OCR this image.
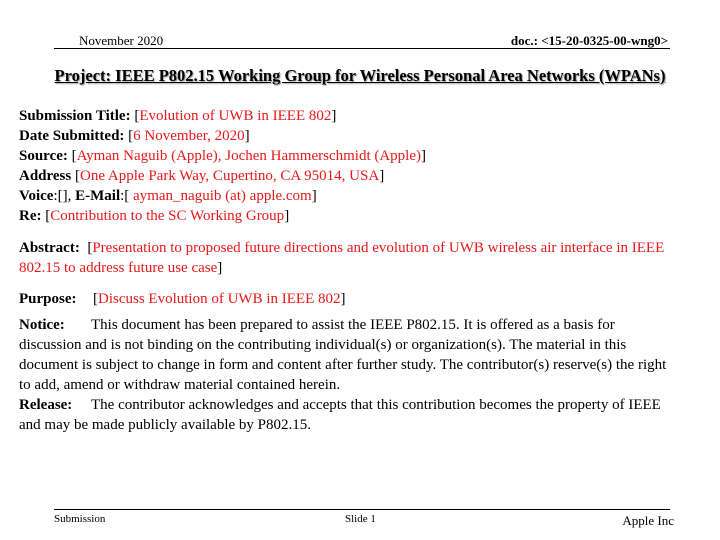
November 2020	doc.: <15-20-0325-00-wng0>
Project: IEEE P802.15 Working Group for Wireless Personal Area Networks (WPANs)
Submission Title: [Evolution of UWB in IEEE 802]
Date Submitted: [6 November, 2020]
Source: [Ayman Naguib (Apple), Jochen Hammerschmidt (Apple)]
Address [One Apple Park Way, Cupertino, CA 95014, USA]
Voice:[], E-Mail:[ ayman_naguib (at) apple.com]
Re: [Contribution to the SC Working Group]
Abstract:  [Presentation to proposed future directions and evolution of UWB wireless air interface in IEEE
802.15 to address future use case]
Purpose: [Discuss Evolution of UWB in IEEE 802]
Notice: This document has been prepared to assist the IEEE P802.15. It is offered as a basis for
discussion and is not binding on the contributing individual(s) or organization(s). The material in this
document is subject to change in form and content after further study. The contributor(s) reserve(s) the right
to add, amend or withdraw material contained herein.
Release: The contributor acknowledges and accepts that this contribution becomes the property of IEEE
and may be made publicly available by P802.15.
Submission	Slide 1	Apple Inc
